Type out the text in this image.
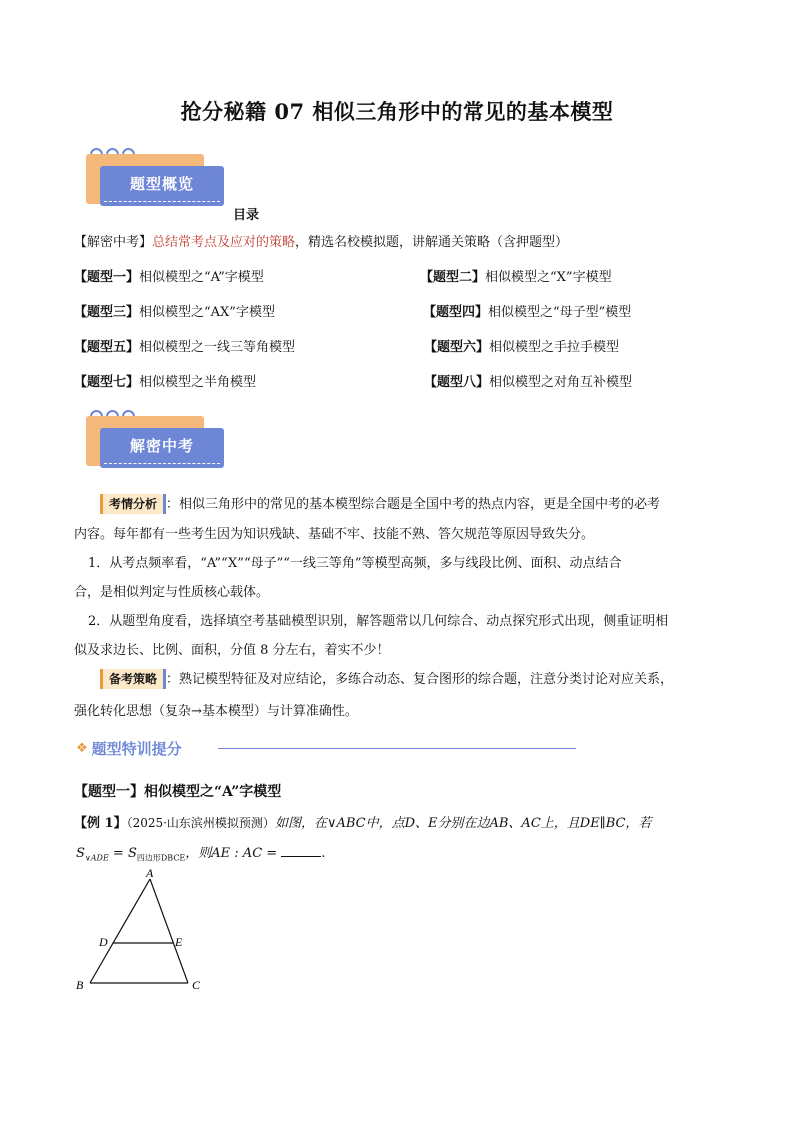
抢分秘籍 07 相似三角形中的常见的基本模型
题型概览
目录
【解密中考】总结常考点及应对的策略，精选名校模拟题，讲解通关策略（含押题型）
【题型一】相似模型之“A”字模型	【题型二】相似模型之“X”字模型
【题型三】相似模型之“AX”字模型	【题型四】相似模型之“母子型”模型
【题型五】相似模型之一线三等角模型	【题型六】相似模型之手拉手模型
【题型七】相似模型之半角模型	【题型八】相似模型之对角互补模型
解密中考
考情分析 ：相似三角形中的常见的基本模型综合题是全国中考的热点内容，更是全国中考的必考
内容。每年都有一些考生因为知识残缺、基础不牢、技能不熟、答欠规范等原因导致失分。
1．从考点频率看，“A”“X”“母子”“一线三等角”等模型高频，多与线段比例、面积、动点结合
合，是相似判定与性质核心载体。
2．从题型角度看，选择填空考基础模型识别，解答题常以几何综合、动点探究形式出现，侧重证明相
似及求边长、比例、面积，分值 8 分左右，着实不少！
备考策略 ：熟记模型特征及对应结论，多练合动态、复合图形的综合题，注意分类讨论对应关系，
强化转化思想（复杂→基本模型）与计算准确性。
❖ 题型特训提分
【题型一】相似模型之“A”字模型
【例 1】（2025·山东滨州模拟预测）如图，在∨ABC中，点D、E分别在边AB、AC上，且DE∥BC，若
$S_{\vee ADE} = S_{四边形DBCE}$，则AE : AC =	.
A
D	E
B	C
